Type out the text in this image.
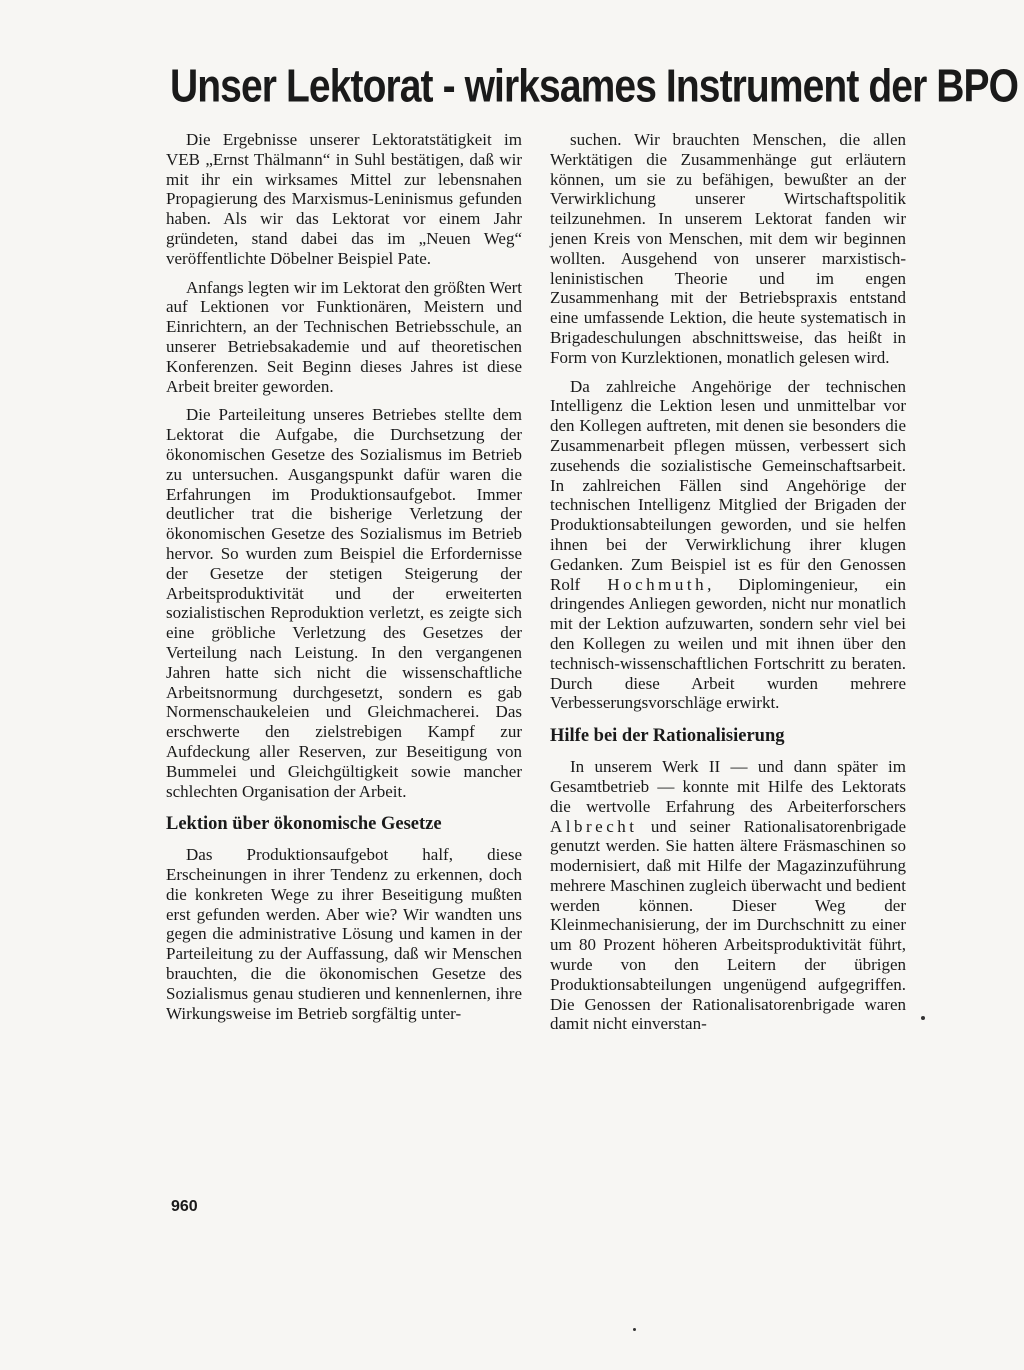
Unser Lektorat - wirksames Instrument der BPO

Die Ergebnisse unserer Lektoratstätigkeit im VEB „Ernst Thälmann“ in Suhl bestätigen, daß wir mit ihr ein wirksames Mittel zur lebensnahen Propagierung des Marxismus-Leninismus gefunden haben. Als wir das Lektorat vor einem Jahr gründeten, stand dabei das im „Neuen Weg“ veröffentlichte Döbelner Beispiel Pate.

Anfangs legten wir im Lektorat den größten Wert auf Lektionen vor Funktionären, Meistern und Einrichtern, an der Technischen Betriebsschule, an unserer Betriebsakademie und auf theoretischen Konferenzen. Seit Beginn dieses Jahres ist diese Arbeit breiter geworden.

Die Parteileitung unseres Betriebes stellte dem Lektorat die Aufgabe, die Durchsetzung der ökonomischen Gesetze des Sozialismus im Betrieb zu untersuchen. Ausgangspunkt dafür waren die Erfahrungen im Produktionsaufgebot. Immer deutlicher trat die bisherige Verletzung der ökonomischen Gesetze des Sozialismus im Betrieb hervor. So wurden zum Beispiel die Erfordernisse der Gesetze der stetigen Steigerung der Arbeitsproduktivität und der erweiterten sozialistischen Reproduktion verletzt, es zeigte sich eine gröbliche Verletzung des Gesetzes der Verteilung nach Leistung. In den vergangenen Jahren hatte sich nicht die wissenschaftliche Arbeitsnormung durchgesetzt, sondern es gab Normenschaukeleien und Gleichmacherei. Das erschwerte den zielstrebigen Kampf zur Aufdeckung aller Reserven, zur Beseitigung von Bummelei und Gleichgültigkeit sowie mancher schlechten Organisation der Arbeit.

Lektion über ökonomische Gesetze

Das Produktionsaufgebot half, diese Erscheinungen in ihrer Tendenz zu erkennen, doch die konkreten Wege zu ihrer Beseitigung mußten erst gefunden werden. Aber wie? Wir wandten uns gegen die administrative Lösung und kamen in der Parteileitung zu der Auffassung, daß wir Menschen brauchten, die die ökonomischen Gesetze des Sozialismus genau studieren und kennenlernen, ihre Wirkungsweise im Betrieb sorgfältig unter-

suchen. Wir brauchten Menschen, die allen Werktätigen die Zusammenhänge gut erläutern können, um sie zu befähigen, bewußter an der Verwirklichung unserer Wirtschaftspolitik teilzunehmen. In unserem Lektorat fanden wir jenen Kreis von Menschen, mit dem wir beginnen wollten. Ausgehend von unserer marxistisch-leninistischen Theorie und im engen Zusammenhang mit der Betriebspraxis entstand eine umfassende Lektion, die heute systematisch in Brigadeschulungen abschnittsweise, das heißt in Form von Kurzlektionen, monatlich gelesen wird.

Da zahlreiche Angehörige der technischen Intelligenz die Lektion lesen und unmittelbar vor den Kollegen auftreten, mit denen sie besonders die Zusammenarbeit pflegen müssen, verbessert sich zusehends die sozialistische Gemeinschaftsarbeit. In zahlreichen Fällen sind Angehörige der technischen Intelligenz Mitglied der Brigaden der Produktionsabteilungen geworden, und sie helfen ihnen bei der Verwirklichung ihrer klugen Gedanken. Zum Beispiel ist es für den Genossen Rolf Hochmuth, Diplomingenieur, ein dringendes Anliegen geworden, nicht nur monatlich mit der Lektion aufzuwarten, sondern sehr viel bei den Kollegen zu weilen und mit ihnen über den technisch-wissenschaftlichen Fortschritt zu beraten. Durch diese Arbeit wurden mehrere Verbesserungsvorschläge erwirkt.

Hilfe bei der Rationalisierung

In unserem Werk II — und dann später im Gesamtbetrieb — konnte mit Hilfe des Lektorats die wertvolle Erfahrung des Arbeiterforschers Albrecht und seiner Rationalisatorenbrigade genutzt werden. Sie hatten ältere Fräsmaschinen so modernisiert, daß mit Hilfe der Magazinzuführung mehrere Maschinen zugleich überwacht und bedient werden können. Dieser Weg der Kleinmechanisierung, der im Durchschnitt zu einer um 80 Prozent höheren Arbeitsproduktivität führt, wurde von den Leitern der übrigen Produktionsabteilungen ungenügend aufgegriffen. Die Genossen der Rationalisatorenbrigade waren damit nicht einverstan-

960
